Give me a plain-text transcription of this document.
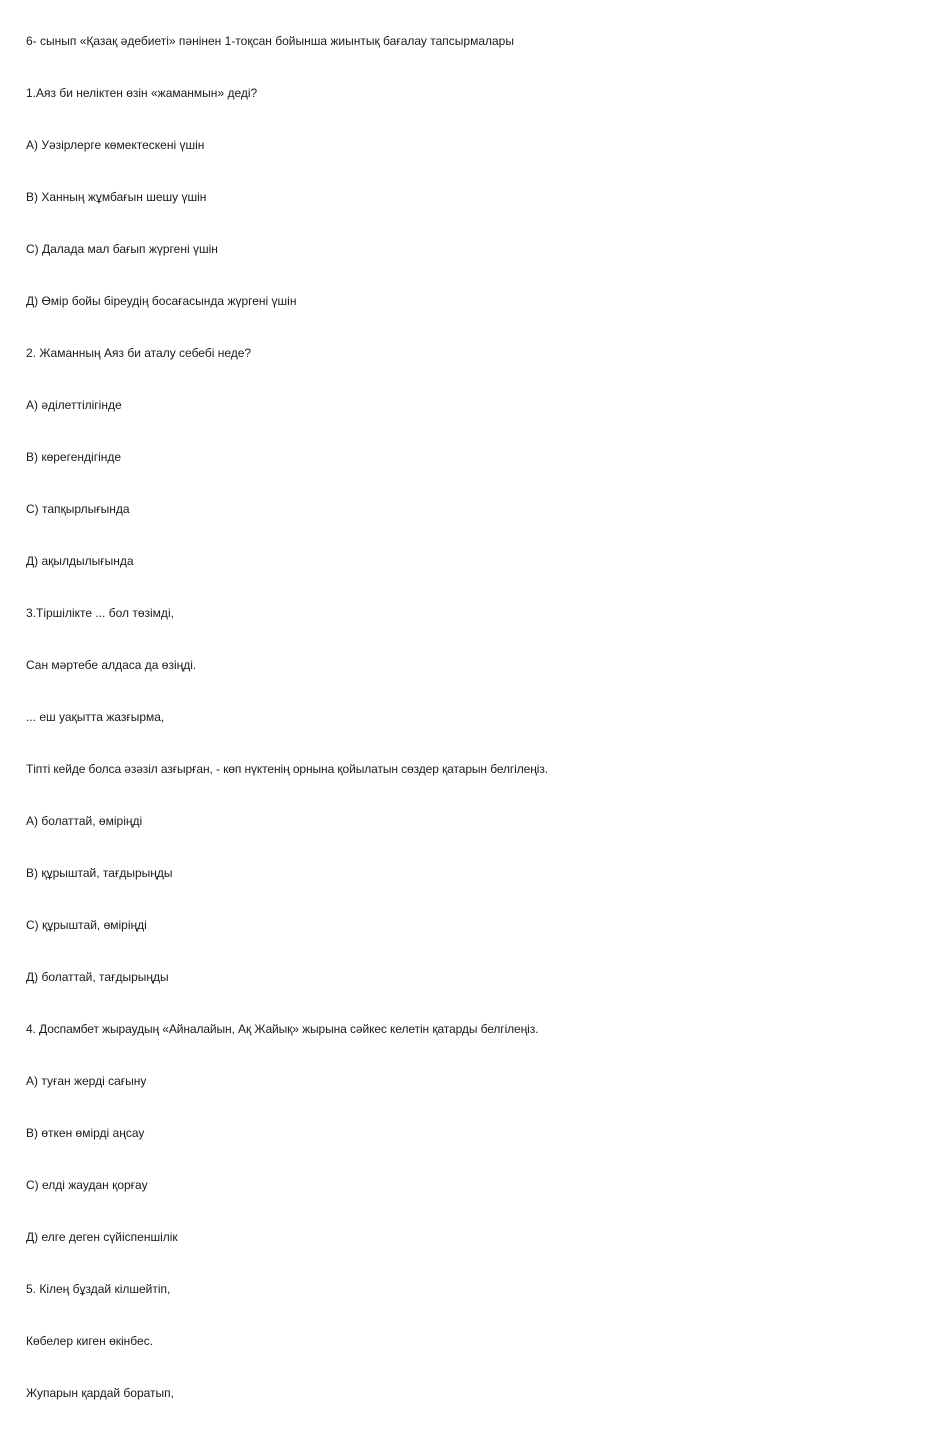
6- сынып «Қазақ әдебиеті» пәнінен 1-тоқсан бойынша жиынтық бағалау тапсырмалары
1.Аяз би неліктен өзін «жаманмын» деді?
А) Уәзірлерге көмектескені үшін
В) Ханның жұмбағын шешу үшін
С) Далада мал бағып жүргені үшін
Д) Өмір бойы біреудің босағасында жүргені үшін
2. Жаманның Аяз би аталу себебі неде?
А) әділеттілігінде
В) көрегендігінде
С) тапқырлығында
Д) ақылдылығында
3.Тіршілікте ... бол төзімді,
Сан мәртебе алдаса да өзіңді.
... еш уақытта жазғырма,
Тіпті кейде болса әзәзіл азғырған, - көп нүктенің орнына қойылатын сөздер қатарын белгілеңіз.
А) болаттай, өміріңді
В) құрыштай, тағдырыңды
С) құрыштай, өміріңді
Д) болаттай, тағдырыңды
4. Доспамбет жыраудың «Айналайын, Ақ Жайық» жырына сәйкес келетін қатарды белгілеңіз.
А) туған жерді сағыну
В) өткен өмірді аңсау
С) елді жаудан қорғау
Д) елге деген сүйіспеншілік
5. Кілең бұздай кілшейтіп,
Көбелер киген өкінбес.
Жупарын қардай боратып,
